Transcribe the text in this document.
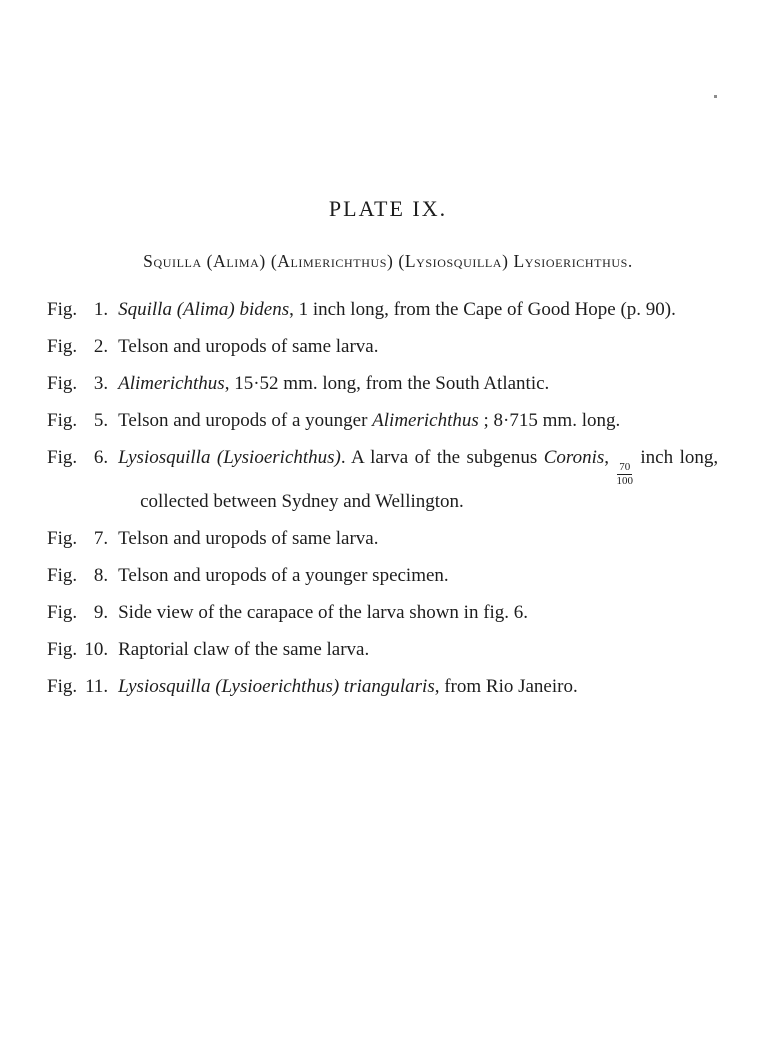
PLATE IX.
Squilla (Alima) (Alimerichthus) (Lysiosquilla) Lysioerichthus.
Fig. 1. Squilla (Alima) bidens, 1 inch long, from the Cape of Good Hope (p. 90).

Fig. 2. Telson and uropods of same larva.

Fig. 3. Alimerichthus, 15·52 mm. long, from the South Atlantic.

Fig. 5. Telson and uropods of a younger Alimerichthus ; 8·715 mm. long.

Fig. 6. Lysiosquilla (Lysioerichthus). A larva of the subgenus Coronis,
$\frac{70}{100}$
inch long, collected between Sydney and Wellington.

Fig. 7. Telson and uropods of same larva.

Fig. 8. Telson and uropods of a younger specimen.

Fig. 9. Side view of the carapace of the larva shown in fig. 6.

Fig. 10. Raptorial claw of the same larva.

Fig. 11. Lysiosquilla (Lysioerichthus) triangularis, from Rio Janeiro.
